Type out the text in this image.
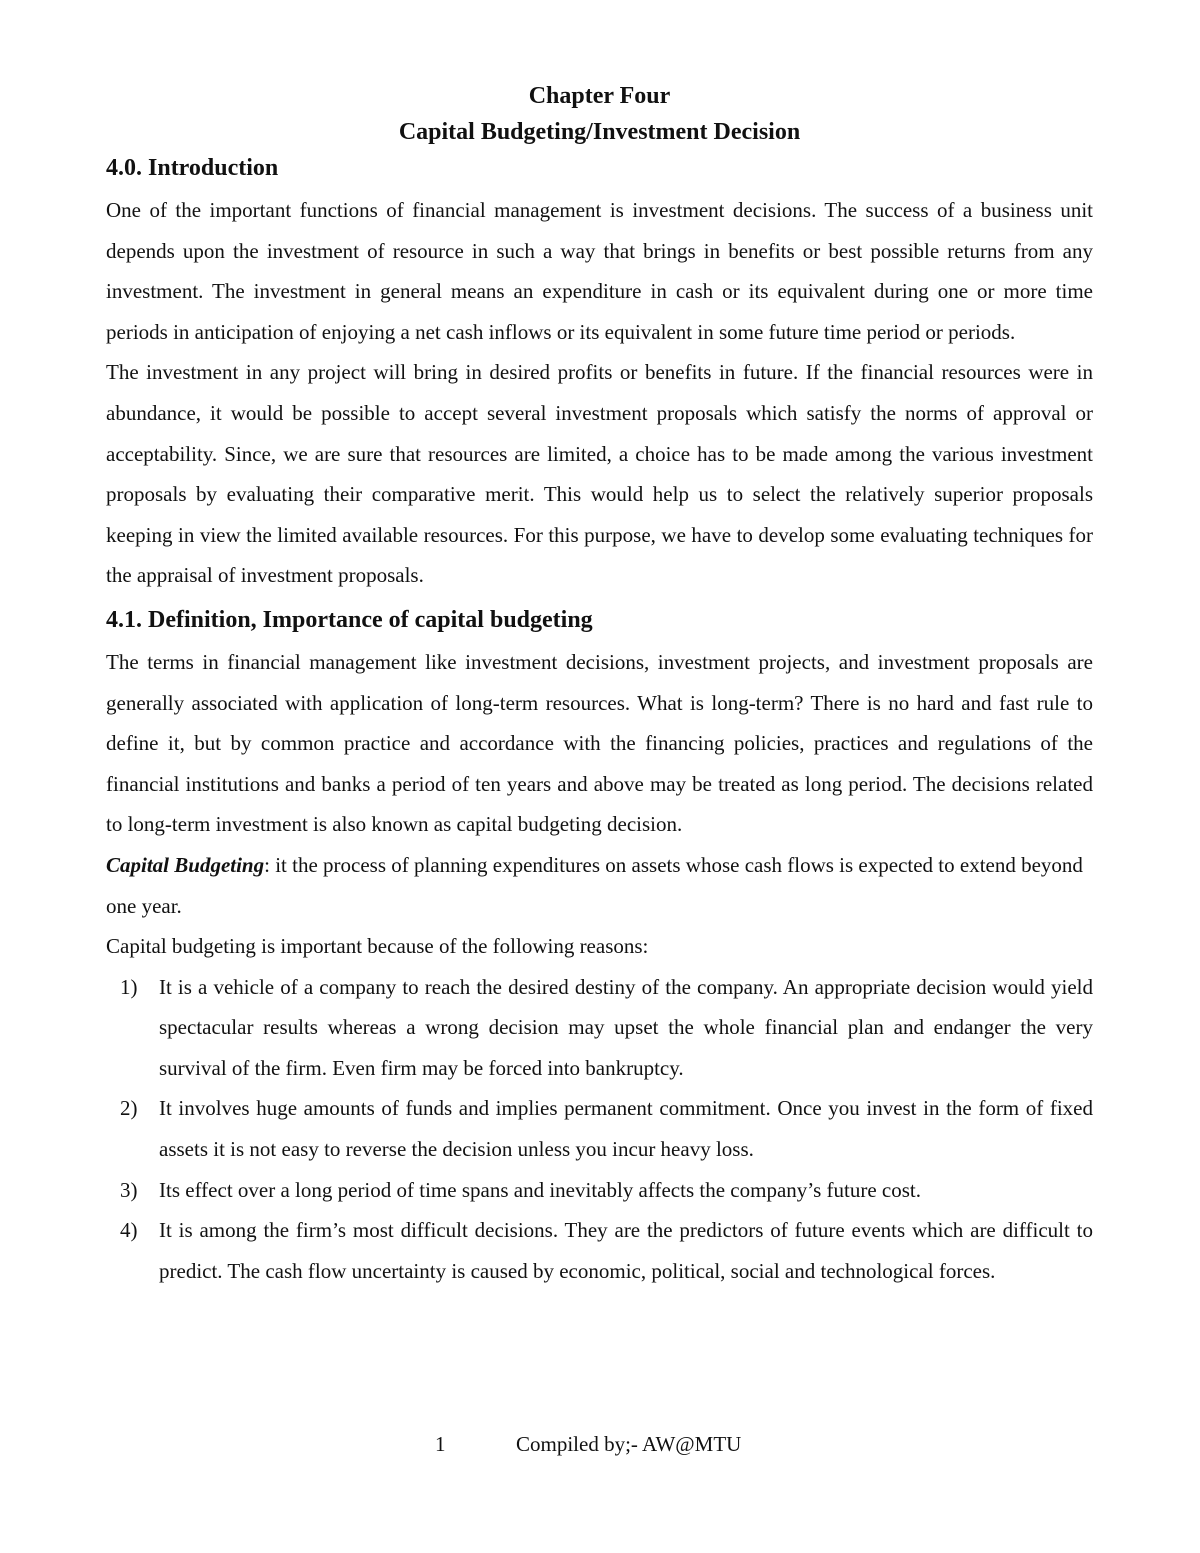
Chapter Four
Capital Budgeting/Investment Decision
4.0. Introduction

One of the important functions of financial management is investment decisions. The success of a business unit depends upon the investment of resource in such a way that brings in benefits or best possible returns from any investment. The investment in general means an expenditure in cash or its equivalent during one or more time periods in anticipation of enjoying a net cash inflows or its equivalent in some future time period or periods.

The investment in any project will bring in desired profits or benefits in future. If the financial resources were in abundance, it would be possible to accept several investment proposals which satisfy the norms of approval or acceptability. Since, we are sure that resources are limited, a choice has to be made among the various investment proposals by evaluating their comparative merit. This would help us to select the relatively superior proposals keeping in view the limited available resources. For this purpose, we have to develop some evaluating techniques for the appraisal of investment proposals.

4.1. Definition, Importance of capital budgeting

The terms in financial management like investment decisions, investment projects, and investment proposals are generally associated with application of long-term resources. What is long-term? There is no hard and fast rule to define it, but by common practice and accordance with the financing policies, practices and regulations of the financial institutions and banks a period of ten years and above may be treated as long period. The decisions related to long-term investment is also known as capital budgeting decision.

Capital Budgeting: it the process of planning expenditures on assets whose cash flows is expected to extend beyond one year.

Capital budgeting is important because of the following reasons:

1) It is a vehicle of a company to reach the desired destiny of the company. An appropriate decision would yield spectacular results whereas a wrong decision may upset the whole financial plan and endanger the very survival of the firm. Even firm may be forced into bankruptcy.
2) It involves huge amounts of funds and implies permanent commitment. Once you invest in the form of fixed assets it is not easy to reverse the decision unless you incur heavy loss.
3) Its effect over a long period of time spans and inevitably affects the company’s future cost.
4) It is among the firm’s most difficult decisions. They are the predictors of future events which are difficult to predict. The cash flow uncertainty is caused by economic, political, social and technological forces.
1	Compiled by;- AW@MTU
